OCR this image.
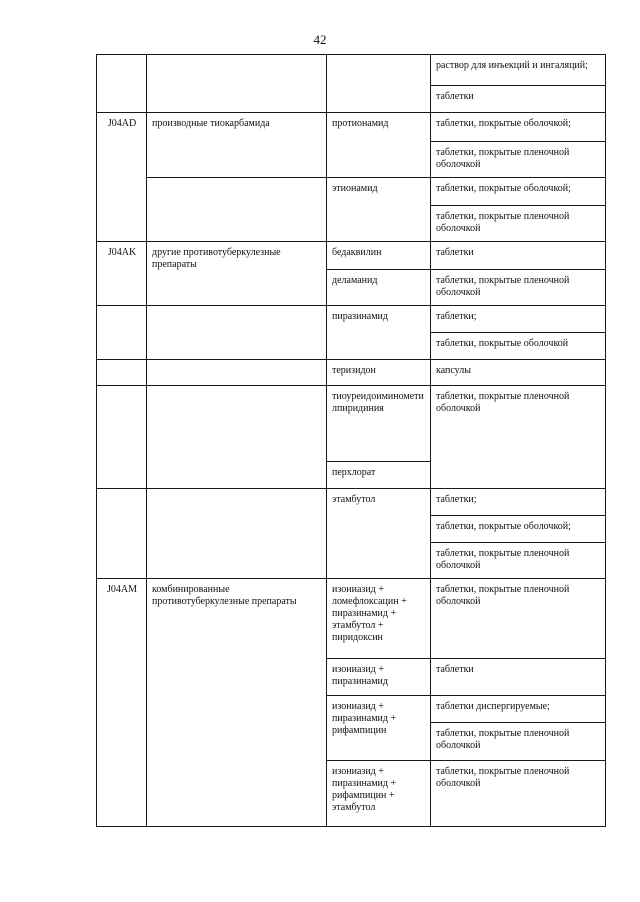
42
			раствор для инъекций и ингаляций;
			таблетки
J04AD	производные тиокарбамида	протионамид	таблетки, покрытые оболочкой;
			таблетки, покрытые пленочной оболочкой
		этионамид	таблетки, покрытые оболочкой;
			таблетки, покрытые пленочной оболочкой
J04AK	другие противотуберкулезные препараты	бедаквилин	таблетки
		деламанид	таблетки, покрытые пленочной оболочкой
		пиразинамид	таблетки;
			таблетки, покрытые оболочкой
		теризидон	капсулы
		тиоуреидоиминометилпиридиния	таблетки, покрытые пленочной оболочкой
		перхлорат	
		этамбутол	таблетки;
			таблетки, покрытые оболочкой;
			таблетки, покрытые пленочной оболочкой
J04AM	комбинированные противотуберкулезные препараты	изониазид + ломефлоксацин + пиразинамид + этамбутол + пиридоксин	таблетки, покрытые пленочной оболочкой
		изониазид + пиразинамид	таблетки
		изониазид + пиразинамид + рифампицин	таблетки диспергируемые;
			таблетки, покрытые пленочной оболочкой
		изониазид + пиразинамид + рифампицин + этамбутол	таблетки, покрытые пленочной оболочкой
